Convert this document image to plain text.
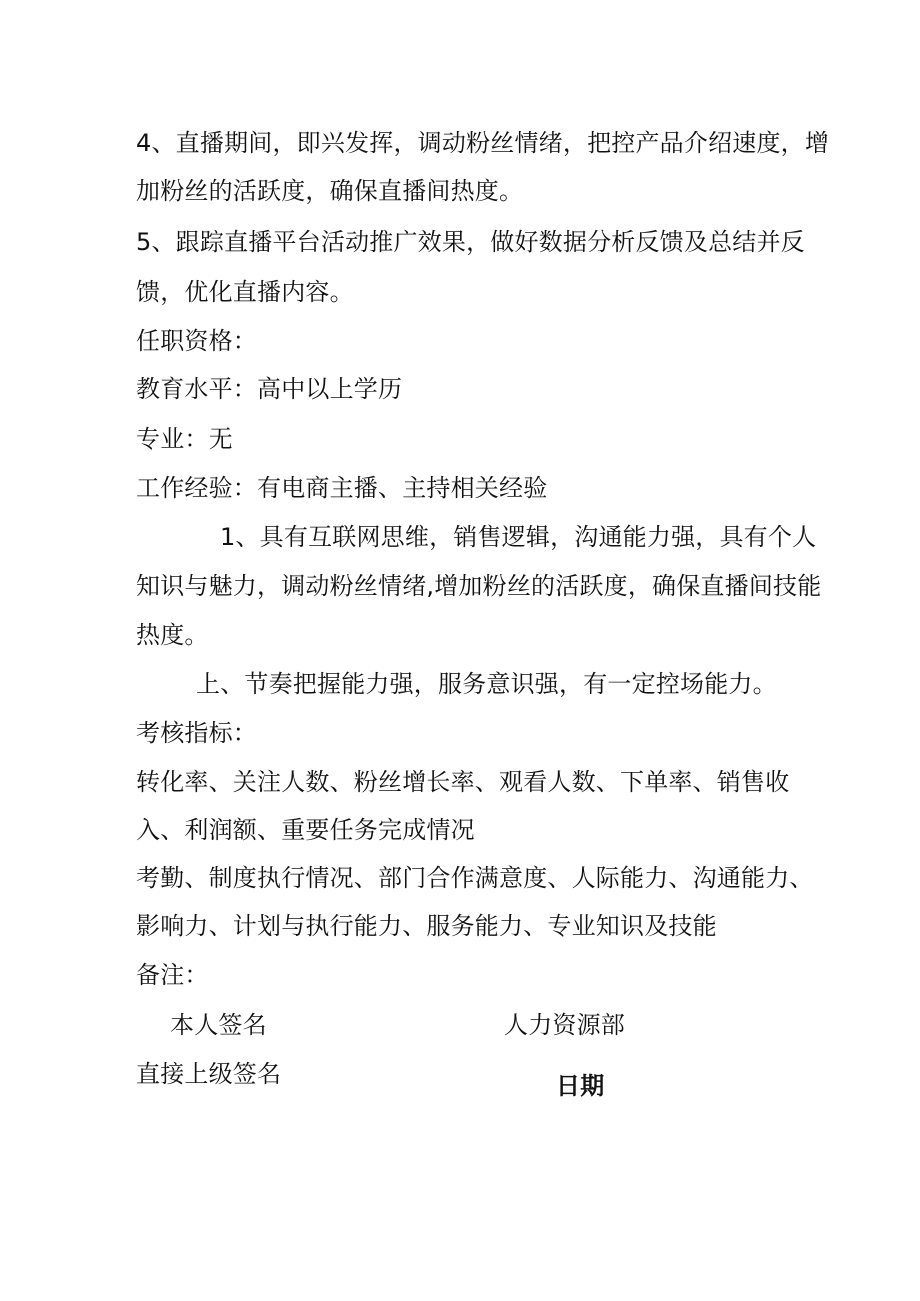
4、直播期间，即兴发挥，调动粉丝情绪，把控产品介绍速度，增
加粉丝的活跃度，确保直播间热度。
5、跟踪直播平台活动推广效果，做好数据分析反馈及总结并反
馈，优化直播内容。
任职资格：
教育水平：高中以上学历
专业：无
工作经验：有电商主播、主持相关经验
1、具有互联网思维，销售逻辑，沟通能力强，具有个人
知识与魅力，调动粉丝情绪,增加粉丝的活跃度，确保直播间技能
热度。
上、节奏把握能力强，服务意识强，有一定控场能力。
考核指标：
转化率、关注人数、粉丝增长率、观看人数、下单率、销售收
入、利润额、重要任务完成情况
考勤、制度执行情况、部门合作满意度、人际能力、沟通能力、
影响力、计划与执行能力、服务能力、专业知识及技能
备注：
本人签名	人力资源部
直接上级签名	日期
